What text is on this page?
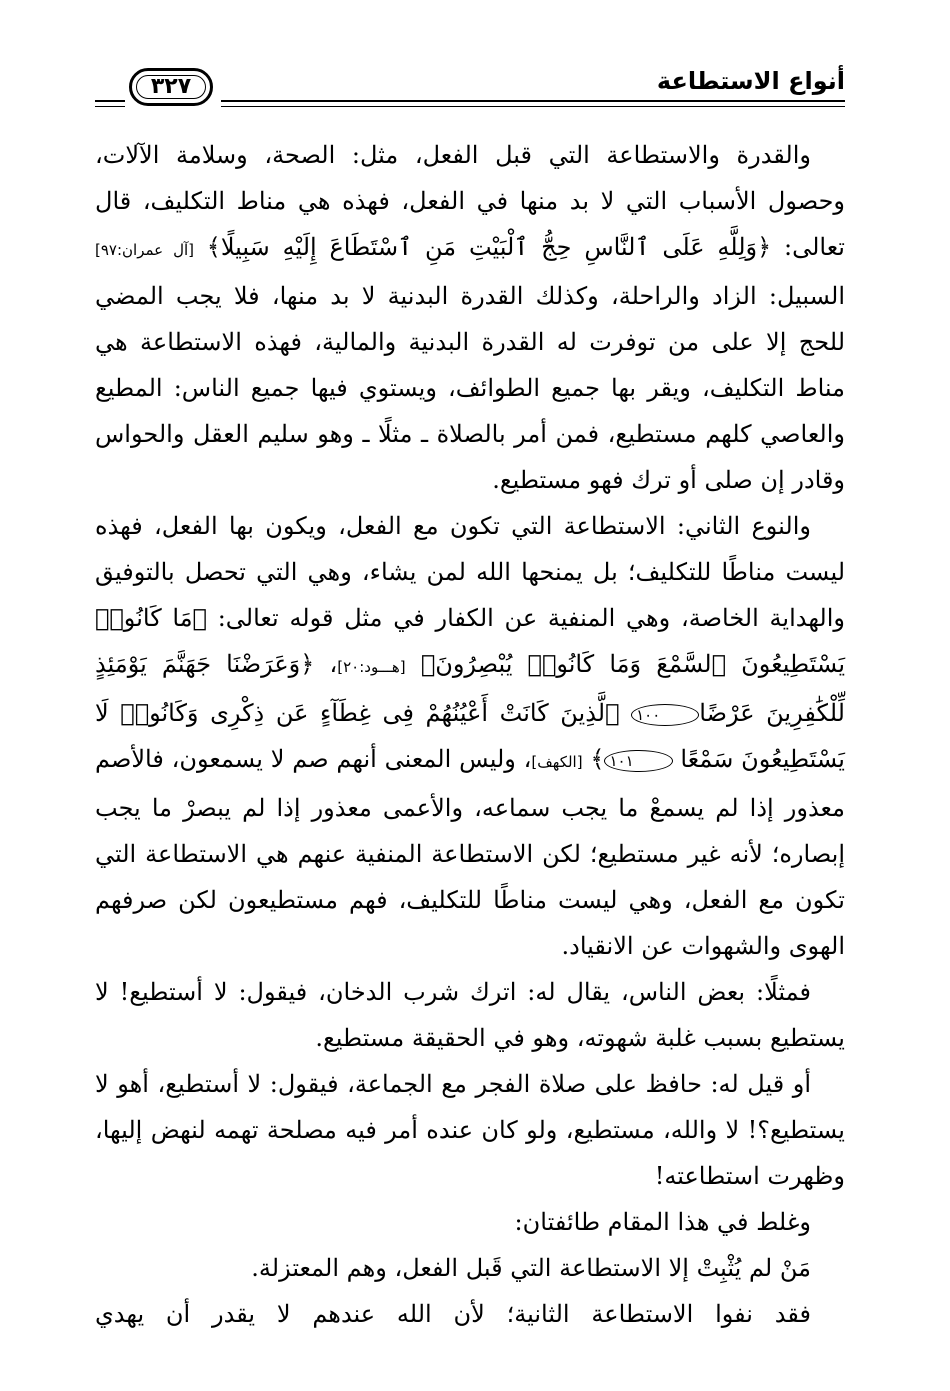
أنواع الاستطاعة
٣٢٧

والقدرة والاستطاعة التي قبل الفعل، مثل: الصحة، وسلامة الآلات، وحصول الأسباب التي لا بد منها في الفعل، فهذه هي مناط التكليف، قال تعالى: ﴿وَلِلَّهِ عَلَى ٱلنَّاسِ حِجُّ ٱلْبَيْتِ مَنِ ٱسْتَطَاعَ إِلَيْهِ سَبِيلًا﴾ [آل عمران:٩٧] السبيل: الزاد والراحلة، وكذلك القدرة البدنية لا بد منها، فلا يجب المضي للحج إلا على من توفرت له القدرة البدنية والمالية، فهذه الاستطاعة هي مناط التكليف، ويقر بها جميع الطوائف، ويستوي فيها جميع الناس: المطيع والعاصي كلهم مستطيع، فمن أمر بالصلاة ـ مثلًا ـ وهو سليم العقل والحواس وقادر إن صلى أو ترك فهو مستطيع.

والنوع الثاني: الاستطاعة التي تكون مع الفعل، ويكون بها الفعل، فهذه ليست مناطًا للتكليف؛ بل يمنحها الله لمن يشاء، وهي التي تحصل بالتوفيق والهداية الخاصة، وهي المنفية عن الكفار في مثل قوله تعالى: ﴿مَا كَانُوا۟ يَسْتَطِيعُونَ ٱلسَّمْعَ وَمَا كَانُوا۟ يُبْصِرُونَ﴾ [هـــود:٢٠]، ﴿وَعَرَضْنَا جَهَنَّمَ يَوْمَئِذٍ لِّلْكَٰفِرِينَ عَرْضًا١٠٠ ٱلَّذِينَ كَانَتْ أَعْيُنُهُمْ فِى غِطَآءٍ عَن ذِكْرِى وَكَانُوا۟ لَا يَسْتَطِيعُونَ سَمْعًا ١٠١﴾ [الكهف]، وليس المعنى أنهم صم لا يسمعون، فالأصم معذور إذا لم يسمعْ ما يجب سماعه، والأعمى معذور إذا لم يبصرْ ما يجب إبصاره؛ لأنه غير مستطيع؛ لكن الاستطاعة المنفية عنهم هي الاستطاعة التي تكون مع الفعل، وهي ليست مناطًا للتكليف، فهم مستطيعون لكن صرفهم الهوى والشهوات عن الانقياد.

فمثلًا: بعض الناس، يقال له: اترك شرب الدخان، فيقول: لا أستطيع! لا يستطيع بسبب غلبة شهوته، وهو في الحقيقة مستطيع.

أو قيل له: حافظ على صلاة الفجر مع الجماعة، فيقول: لا أستطيع، أهو لا يستطيع؟! لا والله، مستطيع، ولو كان عنده أمر فيه مصلحة تهمه لنهض إليها، وظهرت استطاعته!

وغلط في هذا المقام طائفتان:

مَنْ لم يُثْبِتْ إلا الاستطاعة التي قَبل الفعل، وهم المعتزلة.

فقد نفوا الاستطاعة الثانية؛ لأن الله عندهم لا يقدر أن يهدي
